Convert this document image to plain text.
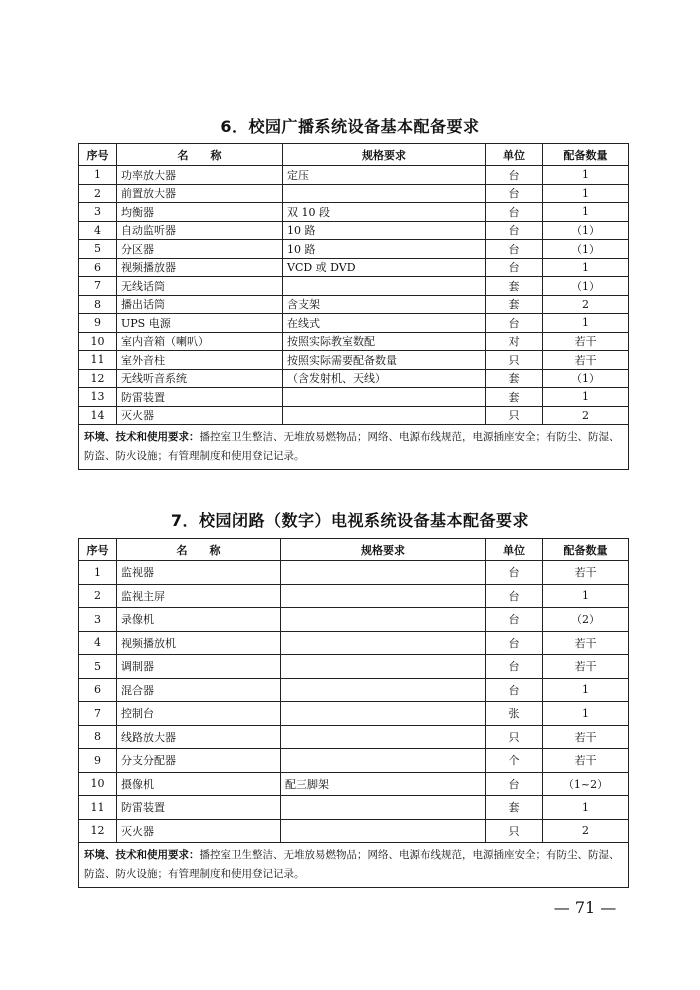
6．校园广播系统设备基本配备要求
序号	名　　称	规格要求	单位	配备数量
1	功率放大器	定压	台	1
2	前置放大器		台	1
3	均衡器	双 10 段	台	1
4	自动监听器	10 路	台	（1）
5	分区器	10 路	台	（1）
6	视频播放器	VCD 或 DVD	台	1
7	无线话筒		套	（1）
8	播出话筒	含支架	套	2
9	UPS 电源	在线式	台	1
10	室内音箱（喇叭）	按照实际教室数配	对	若干
11	室外音柱	按照实际需要配备数量	只	若干
12	无线听音系统	（含发射机、天线）	套	（1）
13	防雷装置		套	1
14	灭火器		只	2
环境、技术和使用要求：播控室卫生整洁、无堆放易燃物品；网络、电源布线规范，电源插座安全；有防尘、防湿、防盗、防火设施；有管理制度和使用登记记录。				
7．校园闭路（数字）电视系统设备基本配备要求
序号	名　　称	规格要求	单位	配备数量
1	监视器		台	若干
2	监视主屏		台	1
3	录像机		台	（2）
4	视频播放机		台	若干
5	调制器		台	若干
6	混合器		台	1
7	控制台		张	1
8	线路放大器		只	若干
9	分支分配器		个	若干
10	摄像机	配三脚架	台	（1~2）
11	防雷装置		套	1
12	灭火器		只	2
环境、技术和使用要求：播控室卫生整洁、无堆放易燃物品；网络、电源布线规范，电源插座安全；有防尘、防湿、防盗、防火设施；有管理制度和使用登记记录。				
— 71 —
